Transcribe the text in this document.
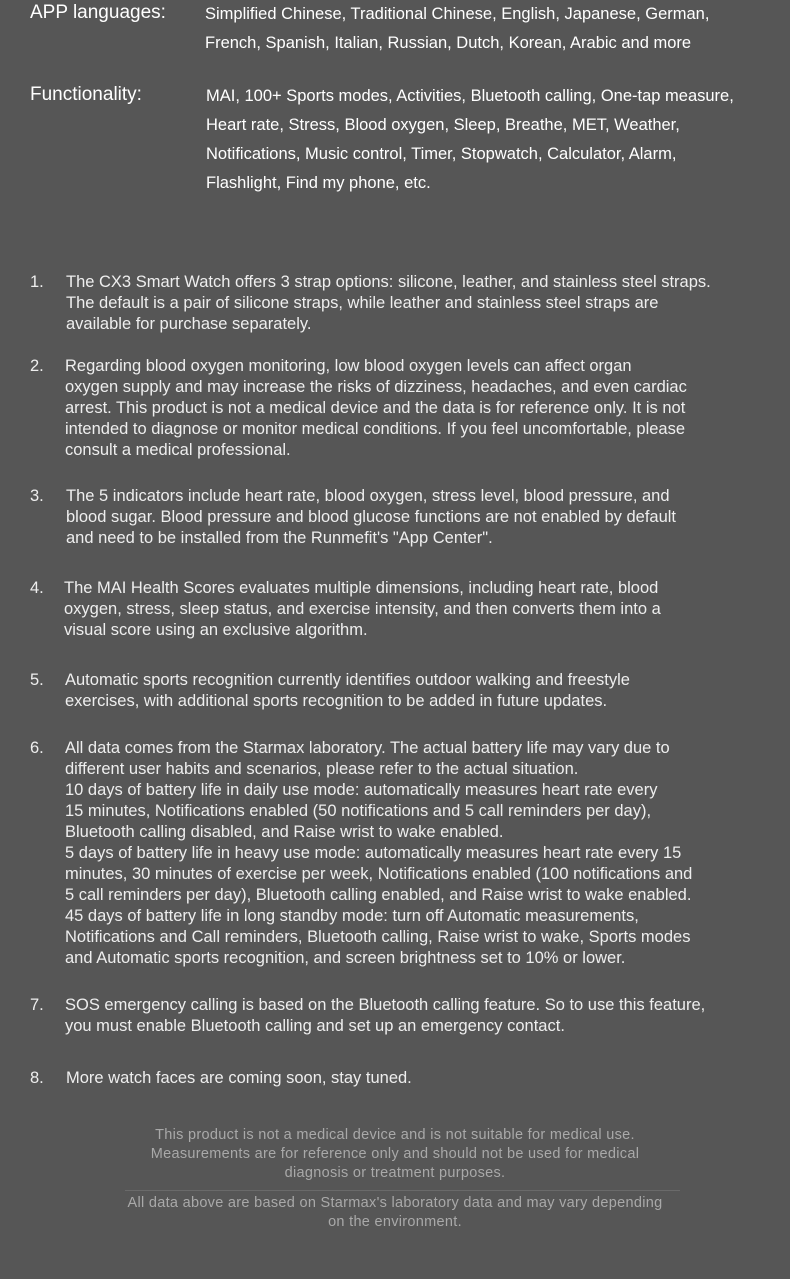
APP languages: Simplified Chinese, Traditional Chinese, English, Japanese, German,
French, Spanish, Italian, Russian, Dutch, Korean, Arabic and more
Functionality:	MAI, 100+ Sports modes, Activities, Bluetooth calling, One-tap measure,
Heart rate, Stress, Blood oxygen, Sleep, Breathe, MET, Weather,
Notifications, Music control, Timer, Stopwatch, Calculator, Alarm,
Flashlight, Find my phone, etc.
1. The CX3 Smart Watch offers 3 strap options: silicone, leather, and stainless steel straps.
The default is a pair of silicone straps, while leather and stainless steel straps are
available for purchase separately.
2. Regarding blood oxygen monitoring, low blood oxygen levels can affect organ
oxygen supply and may increase the risks of dizziness, headaches, and even cardiac
arrest. This product is not a medical device and the data is for reference only. It is not
intended to diagnose or monitor medical conditions. If you feel uncomfortable, please
consult a medical professional.
3. The 5 indicators include heart rate, blood oxygen, stress level, blood pressure, and
blood sugar. Blood pressure and blood glucose functions are not enabled by default
and need to be installed from the Runmefit's "App Center".
4. The MAI Health Scores evaluates multiple dimensions, including heart rate, blood
oxygen, stress, sleep status, and exercise intensity, and then converts them into a
visual score using an exclusive algorithm.
5. Automatic sports recognition currently identifies outdoor walking and freestyle
exercises, with additional sports recognition to be added in future updates.
6. All data comes from the Starmax laboratory. The actual battery life may vary due to
different user habits and scenarios, please refer to the actual situation.
10 days of battery life in daily use mode: automatically measures heart rate every
15 minutes, Notifications enabled (50 notifications and 5 call reminders per day),
Bluetooth calling disabled, and Raise wrist to wake enabled.
5 days of battery life in heavy use mode: automatically measures heart rate every 15
minutes, 30 minutes of exercise per week, Notifications enabled (100 notifications and
5 call reminders per day), Bluetooth calling enabled, and Raise wrist to wake enabled.
45 days of battery life in long standby mode: turn off Automatic measurements,
Notifications and Call reminders, Bluetooth calling, Raise wrist to wake, Sports modes
and Automatic sports recognition, and screen brightness set to 10% or lower.
7. SOS emergency calling is based on the Bluetooth calling feature. So to use this feature,
you must enable Bluetooth calling and set up an emergency contact.
8. More watch faces are coming soon, stay tuned.
This product is not a medical device and is not suitable for medical use.
Measurements are for reference only and should not be used for medical
diagnosis or treatment purposes.
All data above are based on Starmax's laboratory data and may vary depending
on the environment.
